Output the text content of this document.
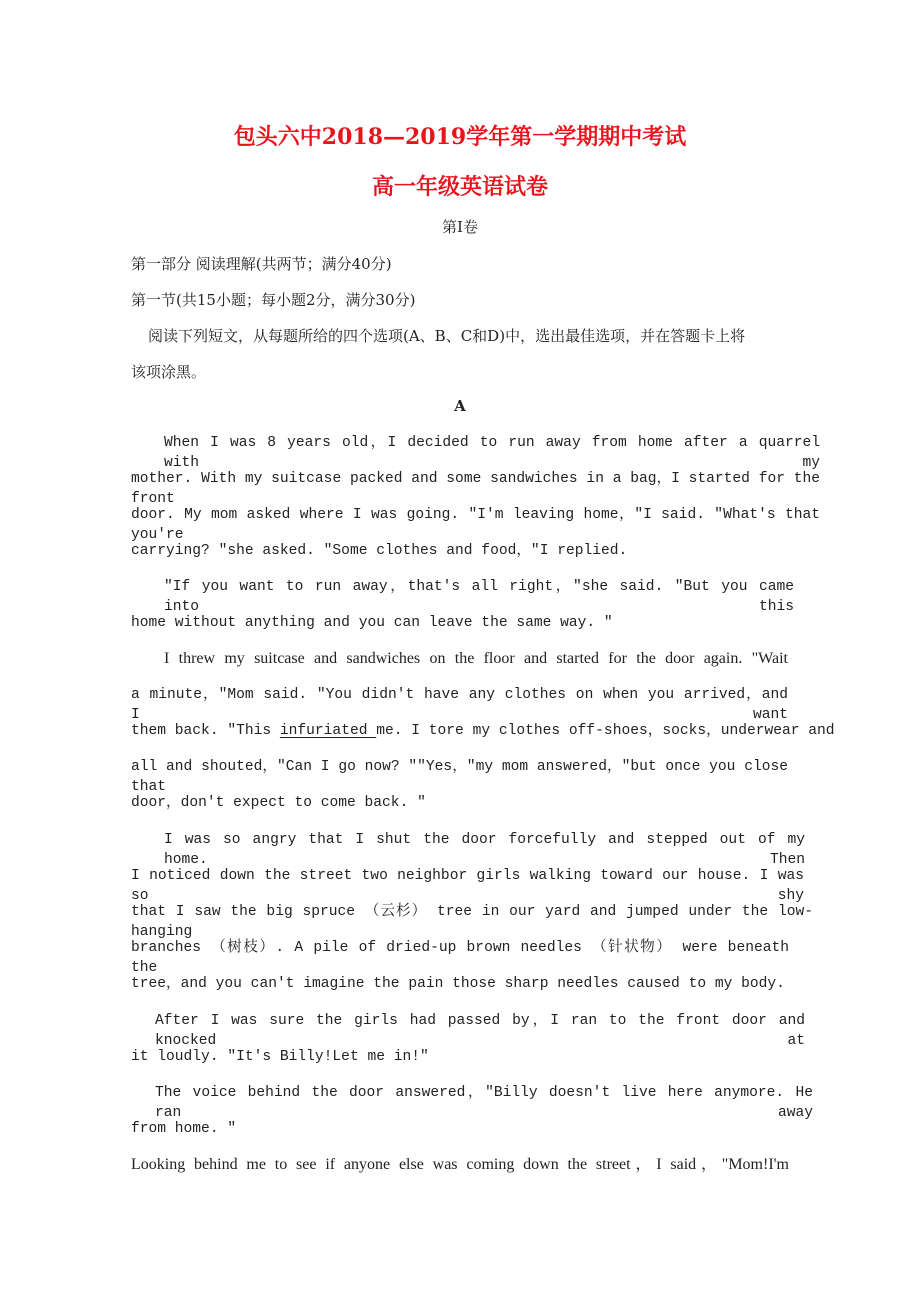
包头六中2018—2019学年第一学期期中考试
高一年级英语试卷
第Ⅰ卷
第一部分 阅读理解(共两节；满分40分)
第一节(共15小题；每小题2分，满分30分)
阅读下列短文，从每题所给的四个选项(A、B、C和D)中，选出最佳选项，并在答题卡上将
该项涂黑。
A
When I was 8 years old，I decided to run away from home after a quarrel with my
mother. With my suitcase packed and some sandwiches in a bag，I started for the front
door. My mom asked where I was going. "I'm leaving home，"I said. "What's that you're
carrying? "she asked. "Some clothes and food，"I replied.
"If you want to run away，that's all right，"she said. "But you came into this
home without anything and you can leave the same way. "
I threw my suitcase and sandwiches on the floor and started for the door again. "Wait
a minute，"Mom said. "You didn't have any clothes on when you arrived，and I want
them back. "This infuriated me. I tore my clothes off-shoes，socks，underwear and
all and shouted，"Can I go now? ""Yes，"my mom answered，"but once you close that
door，don't expect to come back. "
I was so angry that I shut the door forcefully and stepped out of my home. Then
I noticed down the street two neighbor girls walking toward our house. I was so shy
that I saw the big spruce （云杉） tree in our yard and jumped under the low-hanging
branches （树枝）. A pile of dried-up brown needles （针状物） were beneath the
tree，and you can't imagine the pain those sharp needles caused to my body.
After I was sure the girls had passed by，I ran to the front door and knocked at
it loudly. "It's Billy!Let me in!"
The voice behind the door answered，"Billy doesn't live here anymore. He ran away
from home. "
Looking behind me to see if anyone else was coming down the street，I said，"Mom!I'm
